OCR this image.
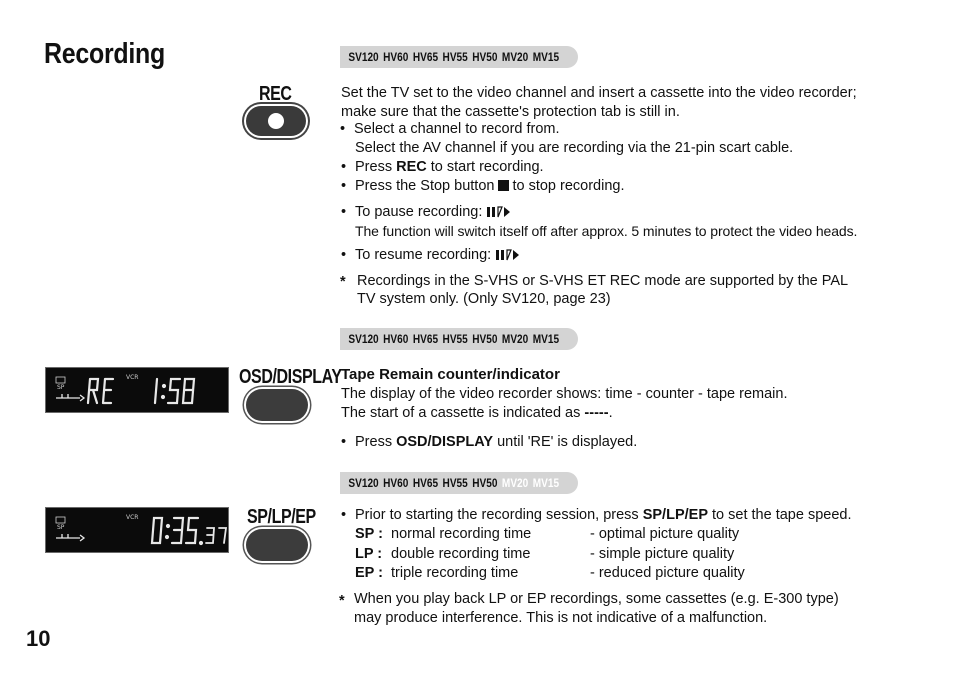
Recording
10
SV120 HV60 HV65 HV55 HV50 MV20 MV15
SV120 HV60 HV65 HV55 HV50 MV20 MV15
SV120 HV60 HV65 HV55 HV50 MV20 MV15
REC	Set the TV set to the video channel and insert a cassette into the video recorder;
make sure that the cassette's protection tab is still in.
• Select a channel to record from.
Select the AV channel if you are recording via the 21-pin scart cable.
• Press REC to start recording.
• Press the Stop button to stop recording.
• To pause recording:
The function will switch itself off after approx. 5 minutes to protect the video heads.
• To resume recording:
* Recordings in the S-VHS or S-VHS ET REC mode are supported by the PAL
TV system only. (Only SV120, page 23)
SP
VCR	OSD/DISPLAY Tape Remain counter/indicator
The display of the video recorder shows: time - counter - tape remain.
The start of a cassette is indicated as -----.
• Press OSD/DISPLAY until 'RE' is displayed.
SP
VCR	SP/LP/EP
•	Prior to starting the recording session, press SP/LP/EP to set the tape speed.
SP : normal recording time	- optimal picture quality
LP : double recording time	- simple picture quality
EP : triple recording time	- reduced picture quality
* When you play back LP or EP recordings, some cassettes (e.g. E-300 type)
may produce interference. This is not indicative of a malfunction.
